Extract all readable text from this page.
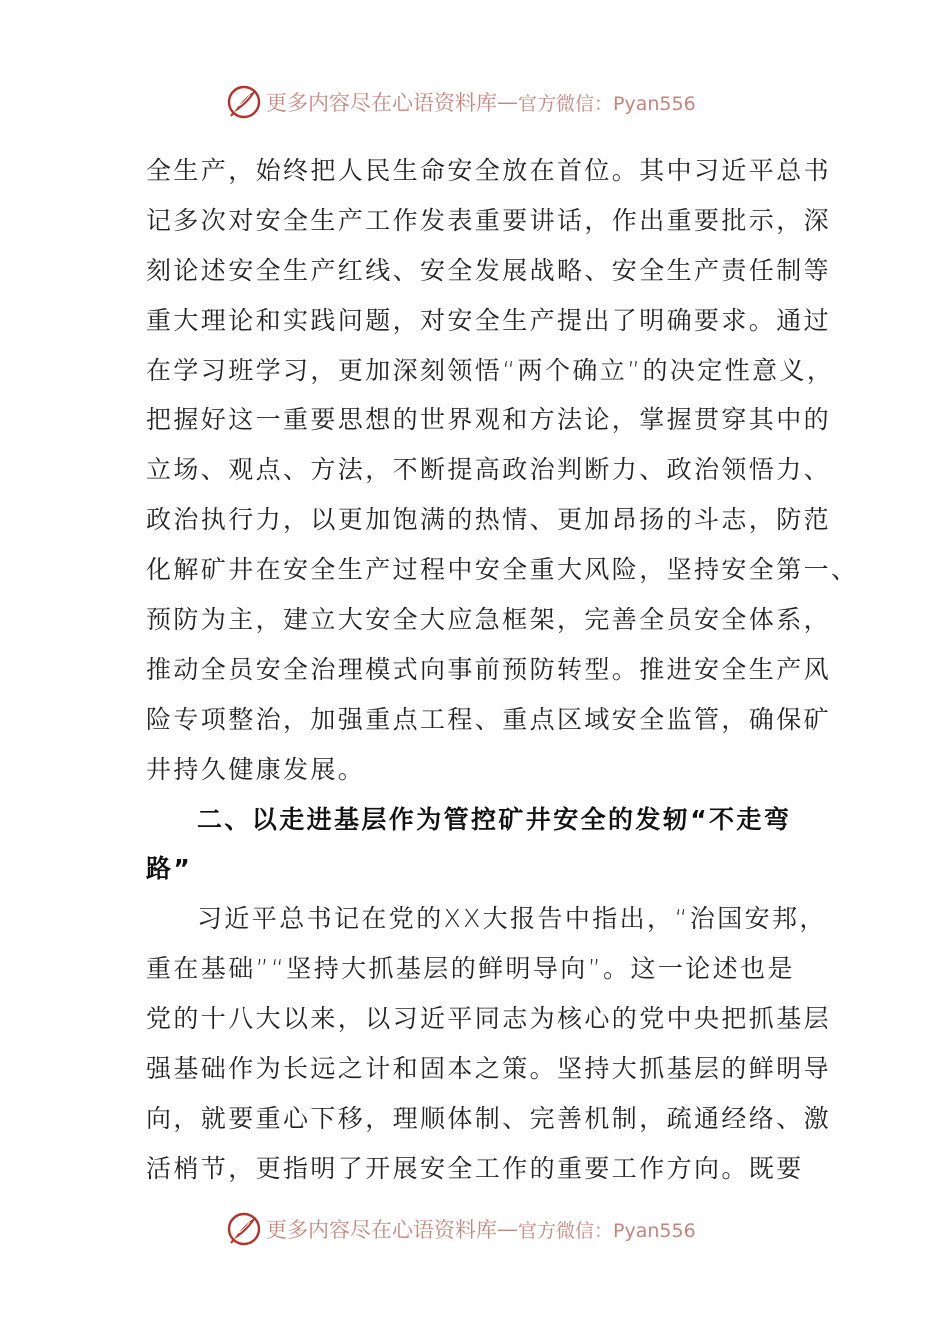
更多内容尽在心语资料库 — 官方微信：Pyan556
全生产，始终把人民生命安全放在首位。其中习近平总书
记多次对安全生产工作发表重要讲话，作出重要批示，深
刻论述安全生产红线、安全发展战略、安全生产责任制等
重大理论和实践问题，对安全生产提出了明确要求。通过
在学习班学习，更加深刻领悟“两个确立”的决定性意义，
把握好这一重要思想的世界观和方法论，掌握贯穿其中的
立场、观点、方法，不断提高政治判断力、政治领悟力、
政治执行力，以更加饱满的热情、更加昂扬的斗志，防范
化解矿井在安全生产过程中安全重大风险，坚持安全第一、
预防为主，建立大安全大应急框架，完善全员安全体系，
推动全员安全治理模式向事前预防转型。推进安全生产风
险专项整治，加强重点工程、重点区域安全监管，确保矿
井持久健康发展。
二、以走进基层作为管控矿井安全的发轫“不走弯
路”
习近平总书记在党的XX大报告中指出，“治国安邦，
重在基础”“坚持大抓基层的鲜明导向”。这一论述也是
党的十八大以来，以习近平同志为核心的党中央把抓基层
强基础作为长远之计和固本之策。坚持大抓基层的鲜明导
向，就要重心下移，理顺体制、完善机制，疏通经络、激
活梢节，更指明了开展安全工作的重要工作方向。既要
更多内容尽在心语资料库 — 官方微信：Pyan556
